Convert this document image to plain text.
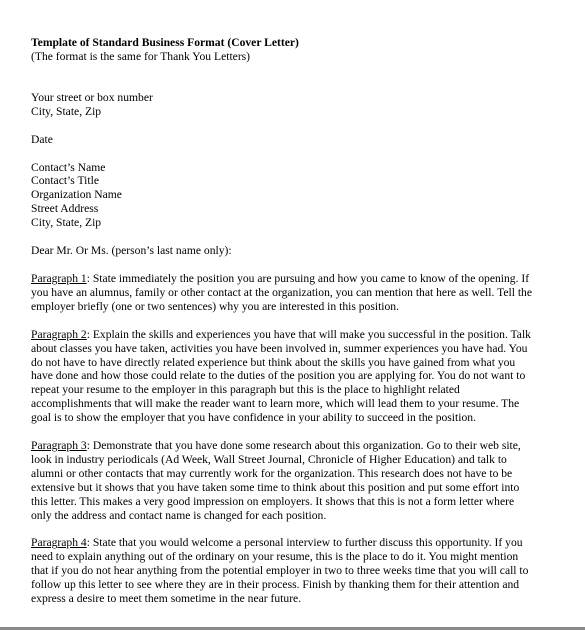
Template of Standard Business Format (Cover Letter)
(The format is the same for Thank You Letters)
Your street or box number
City, State, Zip
Date
Contact’s Name
Contact’s Title
Organization Name
Street Address
City, State, Zip
Dear Mr. Or Ms. (person’s last name only):
Paragraph 1: State immediately the position you are pursuing and how you came to know of the opening. If
you have an alumnus, family or other contact at the organization, you can mention that here as well. Tell the
employer briefly (one or two sentences) why you are interested in this position.
Paragraph 2: Explain the skills and experiences you have that will make you successful in the position. Talk
about classes you have taken, activities you have been involved in, summer experiences you have had. You
do not have to have directly related experience but think about the skills you have gained from what you
have done and how those could relate to the duties of the position you are applying for. You do not want to
repeat your resume to the employer in this paragraph but this is the place to highlight related
accomplishments that will make the reader want to learn more, which will lead them to your resume. The
goal is to show the employer that you have confidence in your ability to succeed in the position.
Paragraph 3: Demonstrate that you have done some research about this organization. Go to their web site,
look in industry periodicals (Ad Week, Wall Street Journal, Chronicle of Higher Education) and talk to
alumni or other contacts that may currently work for the organization. This research does not have to be
extensive but it shows that you have taken some time to think about this position and put some effort into
this letter. This makes a very good impression on employers. It shows that this is not a form letter where
only the address and contact name is changed for each position.
Paragraph 4: State that you would welcome a personal interview to further discuss this opportunity. If you
need to explain anything out of the ordinary on your resume, this is the place to do it. You might mention
that if you do not hear anything from the potential employer in two to three weeks time that you will call to
follow up this letter to see where they are in their process. Finish by thanking them for their attention and
express a desire to meet them sometime in the near future.
